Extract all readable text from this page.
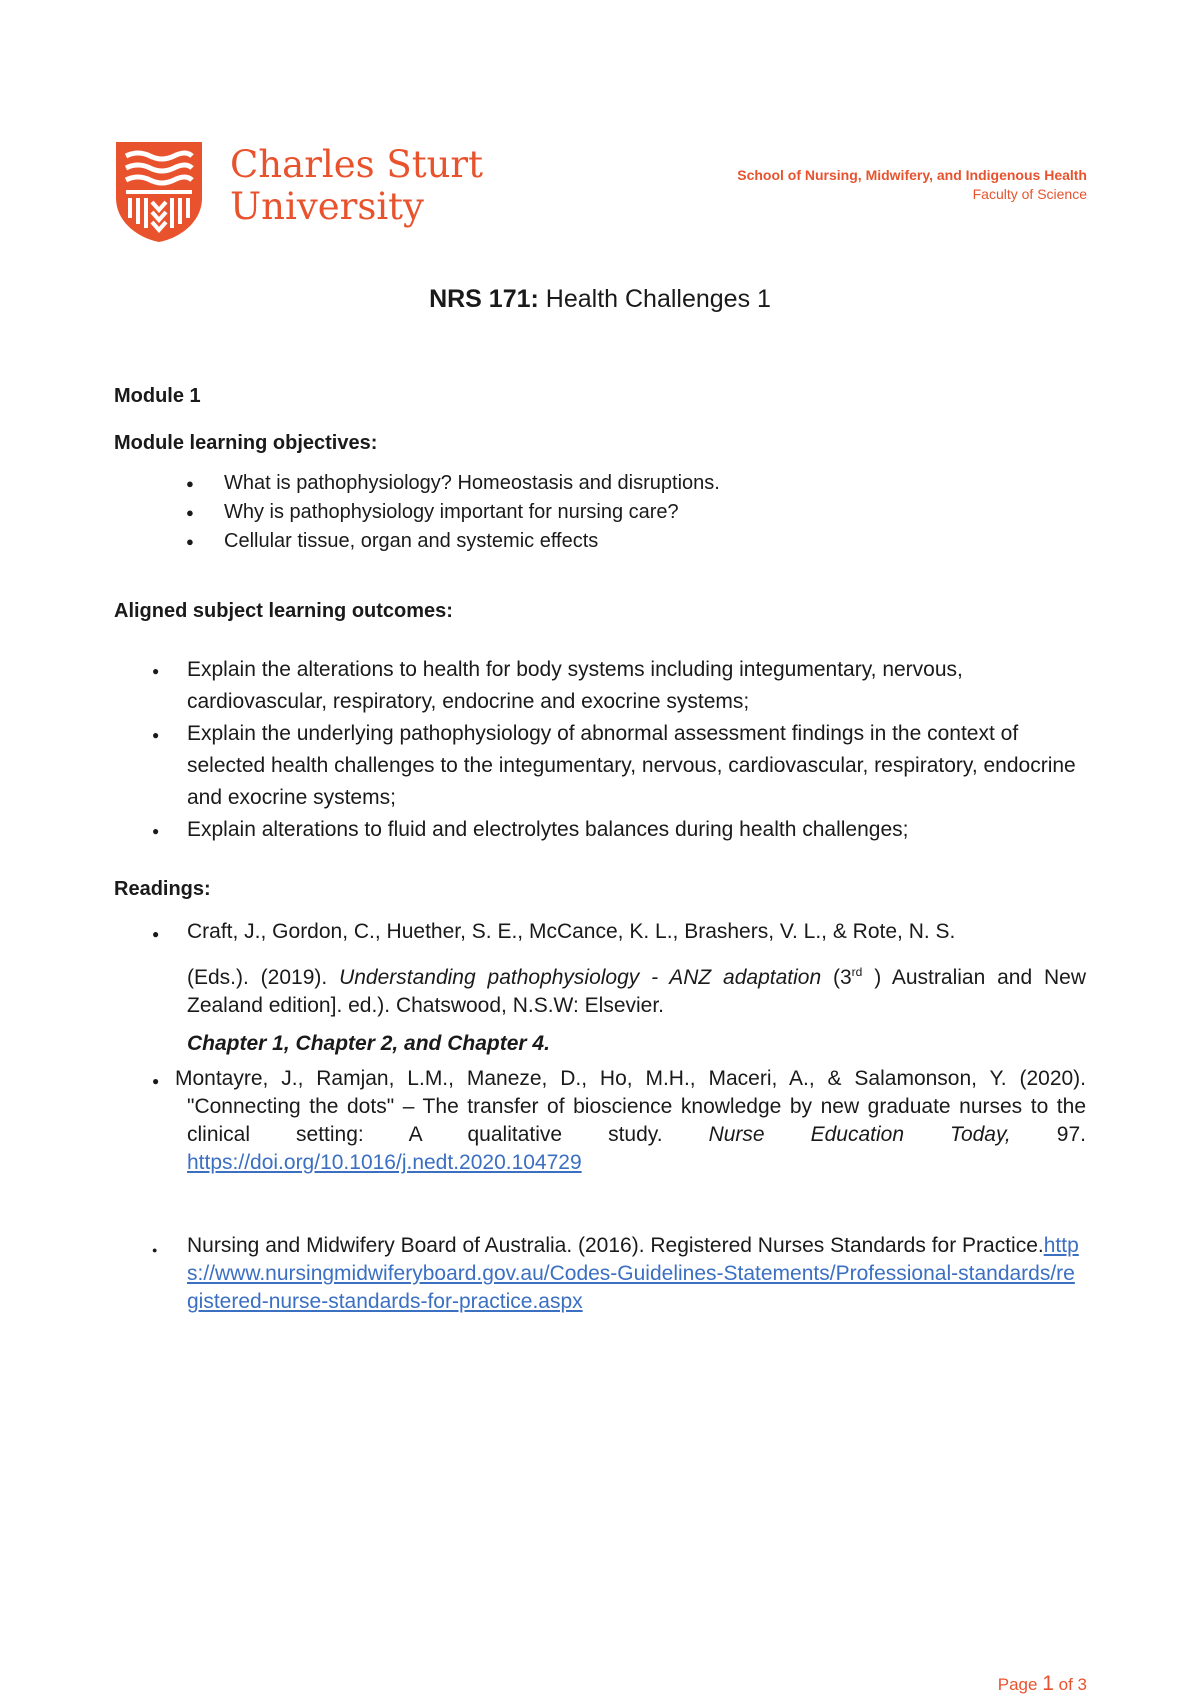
Charles Sturt
University
School of Nursing, Midwifery, and Indigenous Health
Faculty of Science
NRS 171: Health Challenges 1

Module 1

Module learning objectives:

● What is pathophysiology? Homeostasis and disruptions.
● Why is pathophysiology important for nursing care?
● Cellular tissue, organ and systemic effects

Aligned subject learning outcomes:

● Explain the alterations to health for body systems including integumentary, nervous, cardiovascular, respiratory, endocrine and exocrine systems;
● Explain the underlying pathophysiology of abnormal assessment findings in the context of selected health challenges to the integumentary, nervous, cardiovascular, respiratory, endocrine and exocrine systems;
● Explain alterations to fluid and electrolytes balances during health challenges;

Readings:

●	Craft, J., Gordon, C., Huether, S. E., McCance, K. L., Brashers, V. L., & Rote, N. S.
(Eds.). (2019). Understanding pathophysiology - ANZ adaptation (3rd ) Australian and New Zealand edition]. ed.). Chatswood, N.S.W: Elsevier.
Chapter 1, Chapter 2, and Chapter 4.
● Montayre, J., Ramjan, L.M., Maneze, D., Ho, M.H., Maceri, A., & Salamonson, Y. (2020). "Connecting the dots" – The transfer of bioscience knowledge by new graduate nurses to the clinical setting: A qualitative study. Nurse Education Today, 97. https://doi.org/10.1016/j.nedt.2020.104729
●	Nursing and Midwifery Board of Australia. (2016). Registered Nurses Standards for Practice.https://www.nursingmidwiferyboard.gov.au/Codes-Guidelines-Statements/Professional-standards/registered-nurse-standards-for-practice.aspx
Page 1 of 3
